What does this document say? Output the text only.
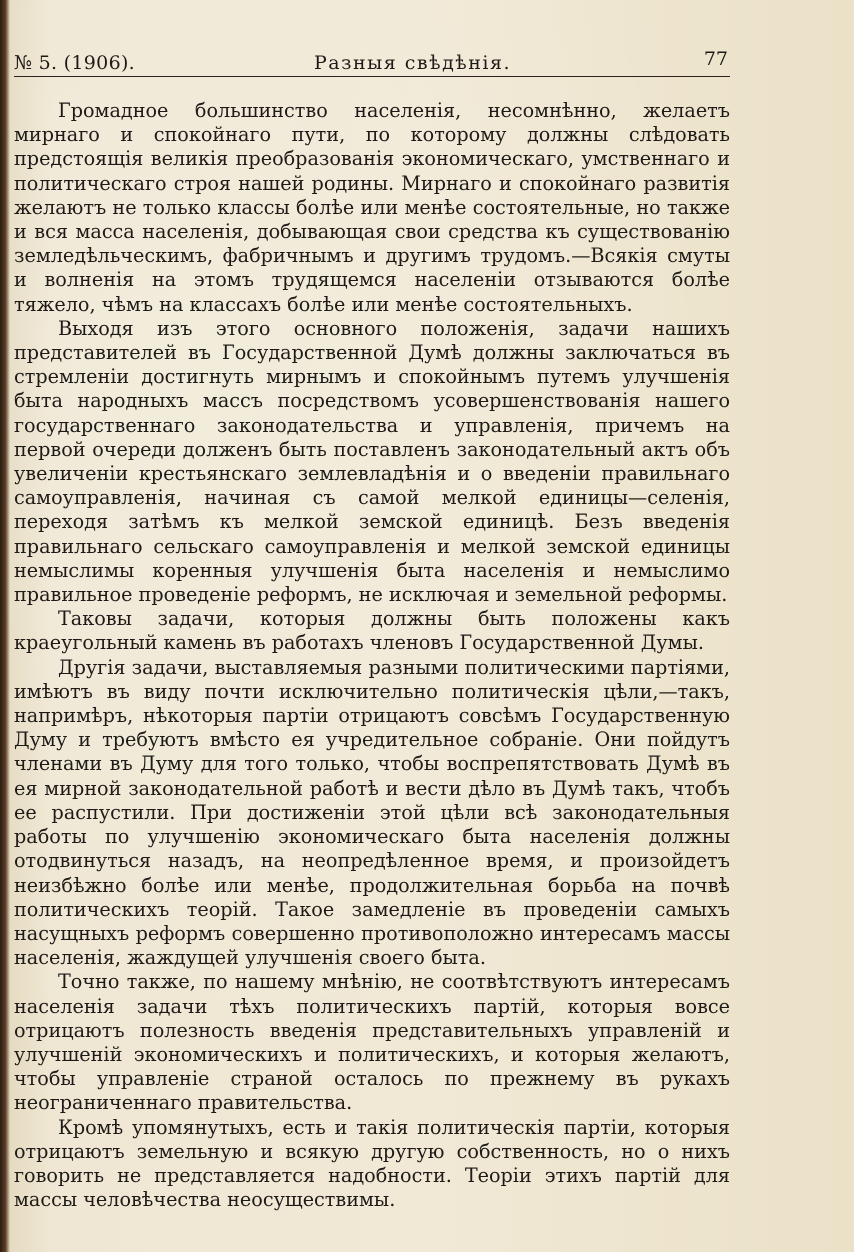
№ 5. (1906).	Разныя свѣдѣнія.	77

Громадное большинство населенія, несомнѣнно, желаетъ мирнаго и спокойнаго пути, по которому должны слѣдовать предстоящія великія преобразованія экономическаго, умственнаго и политическаго строя нашей родины. Мирнаго и спокойнаго развитія желаютъ не только классы болѣе или менѣе состоятельные, но также и вся масса населенія, добывающая свои средства къ существованію земледѣльческимъ, фабричнымъ и другимъ трудомъ.—Всякія смуты и волненія на этомъ трудящемся населеніи отзываются болѣе тяжело, чѣмъ на классахъ болѣе или менѣе состоятельныхъ.

Выходя изъ этого основного положенія, задачи нашихъ представителей въ Государственной Думѣ должны заключаться въ стремленіи достигнуть мирнымъ и спокойнымъ путемъ улучшенія быта народныхъ массъ посредствомъ усовершенствованія нашего государственнаго законодательства и управленія, причемъ на первой очереди долженъ быть поставленъ законодательный актъ объ увеличеніи крестьянскаго землевладѣнія и о введеніи правильнаго самоуправленія, начиная съ самой мелкой единицы—селенія, переходя затѣмъ къ мелкой земской единицѣ. Безъ введенія правильнаго сельскаго самоуправленія и мелкой земской единицы немыслимы коренныя улучшенія быта населенія и немыслимо правильное проведеніе реформъ, не исключая и земельной реформы.

Таковы задачи, которыя должны быть положены какъ краеугольный камень въ работахъ членовъ Государственной Думы.

Другія задачи, выставляемыя разными политическими партіями, имѣютъ въ виду почти исключительно политическія цѣли,—такъ, напримѣръ, нѣкоторыя партіи отрицаютъ совсѣмъ Государственную Думу и требуютъ вмѣсто ея учредительное собраніе. Они пойдутъ членами въ Думу для того только, чтобы воспрепятствовать Думѣ въ ея мирной законодательной работѣ и вести дѣло въ Думѣ такъ, чтобъ ее распустили. При достиженіи этой цѣли всѣ законодательныя работы по улучшенію экономическаго быта населенія должны отодвинуться назадъ, на неопредѣленное время, и произойдетъ неизбѣжно болѣе или менѣе, продолжительная борьба на почвѣ политическихъ теорій. Такое замедленіе въ проведеніи самыхъ насущныхъ реформъ совершенно противоположно интересамъ массы населенія, жаждущей улучшенія своего быта.

Точно также, по нашему мнѣнію, не соотвѣтствуютъ интересамъ населенія задачи тѣхъ политическихъ партій, которыя вовсе отрицаютъ полезность введенія представительныхъ управленій и улучшеній экономическихъ и политическихъ, и которыя желаютъ, чтобы управленіе страной осталось по прежнему въ рукахъ неограниченнаго правительства.

Кромѣ упомянутыхъ, есть и такія политическія партіи, которыя отрицаютъ земельную и всякую другую собственность, но о нихъ говорить не представляется надобности. Теоріи этихъ партій для массы человѣчества неосуществимы.
